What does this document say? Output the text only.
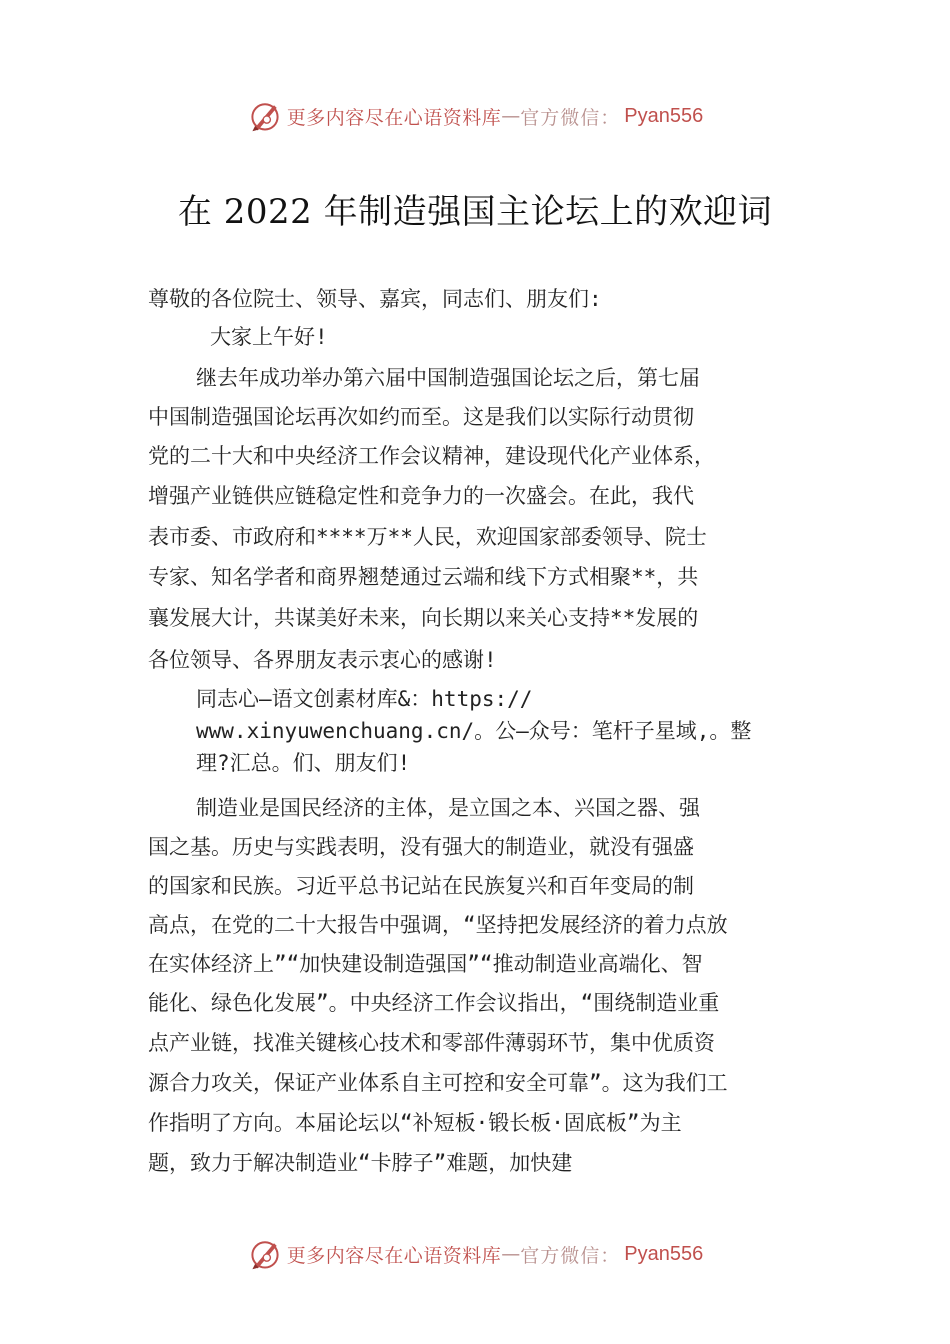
更多内容尽在心语资料库 — 官方微信： Pyan556
在 2022 年制造强国主论坛上的欢迎词
尊敬的各位院士、领导、嘉宾，同志们、朋友们:
大家上午好!
继去年成功举办第六届中国制造强国论坛之后，第七届
中国制造强国论坛再次如约而至。这是我们以实际行动贯彻
党的二十大和中央经济工作会议精神，建设现代化产业体系，
增强产业链供应链稳定性和竞争力的一次盛会。在此，我代
表市委、市政府和****万**人民，欢迎国家部委领导、院士
专家、知名学者和商界翘楚通过云端和线下方式相聚**，共
襄发展大计，共谋美好未来，向长期以来关心支持**发展的
各位领导、各界朋友表示衷心的感谢!
同志心—语文创素材库&：https://
www.xinyuwenchuang.cn/。公—众号：笔杆子星域,。整
理?汇总。们、朋友们!
制造业是国民经济的主体，是立国之本、兴国之器、强
国之基。历史与实践表明，没有强大的制造业，就没有强盛
的国家和民族。习近平总书记站在民族复兴和百年变局的制
高点，在党的二十大报告中强调，“坚持把发展经济的着力点放
在实体经济上”“加快建设制造强国”“推动制造业高端化、智
能化、绿色化发展”。中央经济工作会议指出，“围绕制造业重
点产业链，找准关键核心技术和零部件薄弱环节，集中优质资
源合力攻关，保证产业体系自主可控和安全可靠”。这为我们工
作指明了方向。本届论坛以“补短板·锻长板·固底板”为主
题，致力于解决制造业“卡脖子”难题，加快建
更多内容尽在心语资料库 — 官方微信： Pyan556
